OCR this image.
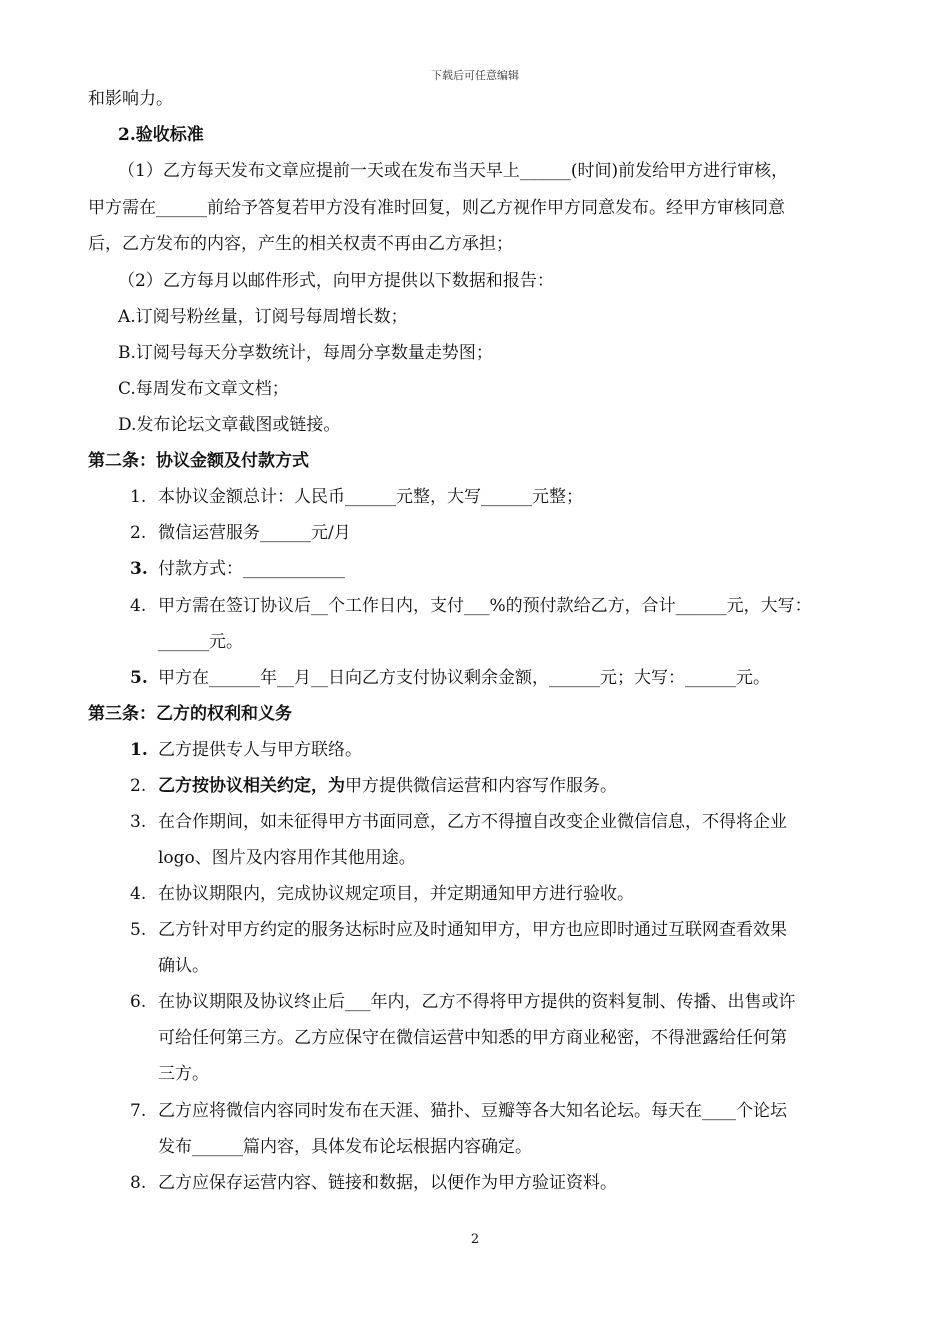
下载后可任意编辑
和影响力。
2.验收标准
（1）乙方每天发布文章应提前一天或在发布当天早上______(时间)前发给甲方进行审核，
甲方需在______前给予答复若甲方没有准时回复，则乙方视作甲方同意发布。经甲方审核同意
后，乙方发布的内容，产生的相关权责不再由乙方承担；
（2）乙方每月以邮件形式，向甲方提供以下数据和报告：
A.订阅号粉丝量，订阅号每周增长数；
B.订阅号每天分享数统计，每周分享数量走势图；
C.每周发布文章文档；
D.发布论坛文章截图或链接。
第二条：协议金额及付款方式
1. 本协议金额总计：人民币______元整，大写______元整；
2. 微信运营服务______元/月
3. 付款方式：____________
4. 甲方需在签订协议后__个工作日内，支付___%的预付款给乙方，合计______元，大写：
______元。
5. 甲方在______年__月__日向乙方支付协议剩余金额，______元；大写：______元。
第三条：乙方的权利和义务
1. 乙方提供专人与甲方联络。
2. 乙方按协议相关约定，为甲方提供微信运营和内容写作服务。
3. 在合作期间，如未征得甲方书面同意，乙方不得擅自改变企业微信信息，不得将企业
logo、图片及内容用作其他用途。
4. 在协议期限内，完成协议规定项目，并定期通知甲方进行验收。
5. 乙方针对甲方约定的服务达标时应及时通知甲方，甲方也应即时通过互联网查看效果
确认。
6. 在协议期限及协议终止后___年内，乙方不得将甲方提供的资料复制、传播、出售或许
可给任何第三方。乙方应保守在微信运营中知悉的甲方商业秘密，不得泄露给任何第
三方。
7. 乙方应将微信内容同时发布在天涯、猫扑、豆瓣等各大知名论坛。每天在____个论坛
发布______篇内容，具体发布论坛根据内容确定。
8. 乙方应保存运营内容、链接和数据，以便作为甲方验证资料。
2
